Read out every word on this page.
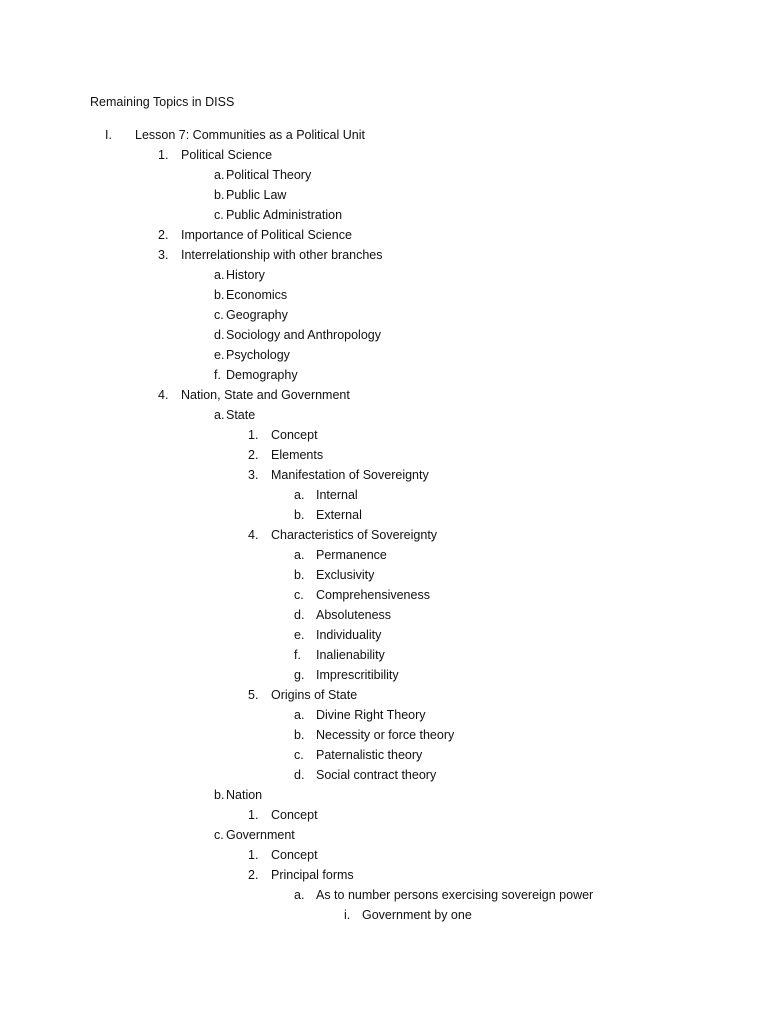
Remaining Topics in DISS
I. Lesson 7: Communities as a Political Unit
1. Political Science
a. Political Theory
b. Public Law
c. Public Administration
2. Importance of Political Science
3. Interrelationship with other branches
a. History
b. Economics
c. Geography
d. Sociology and Anthropology
e. Psychology
f. Demography
4. Nation, State and Government
a. State
1. Concept
2. Elements
3. Manifestation of Sovereignty
a. Internal
b. External
4. Characteristics of Sovereignty
a. Permanence
b. Exclusivity
c. Comprehensiveness
d. Absoluteness
e. Individuality
f. Inalienability
g. Imprescritibility
5. Origins of State
a. Divine Right Theory
b. Necessity or force theory
c. Paternalistic theory
d. Social contract theory
b. Nation
1. Concept
c. Government
1. Concept
2. Principal forms
a. As to number persons exercising sovereign power
i. Government by one
